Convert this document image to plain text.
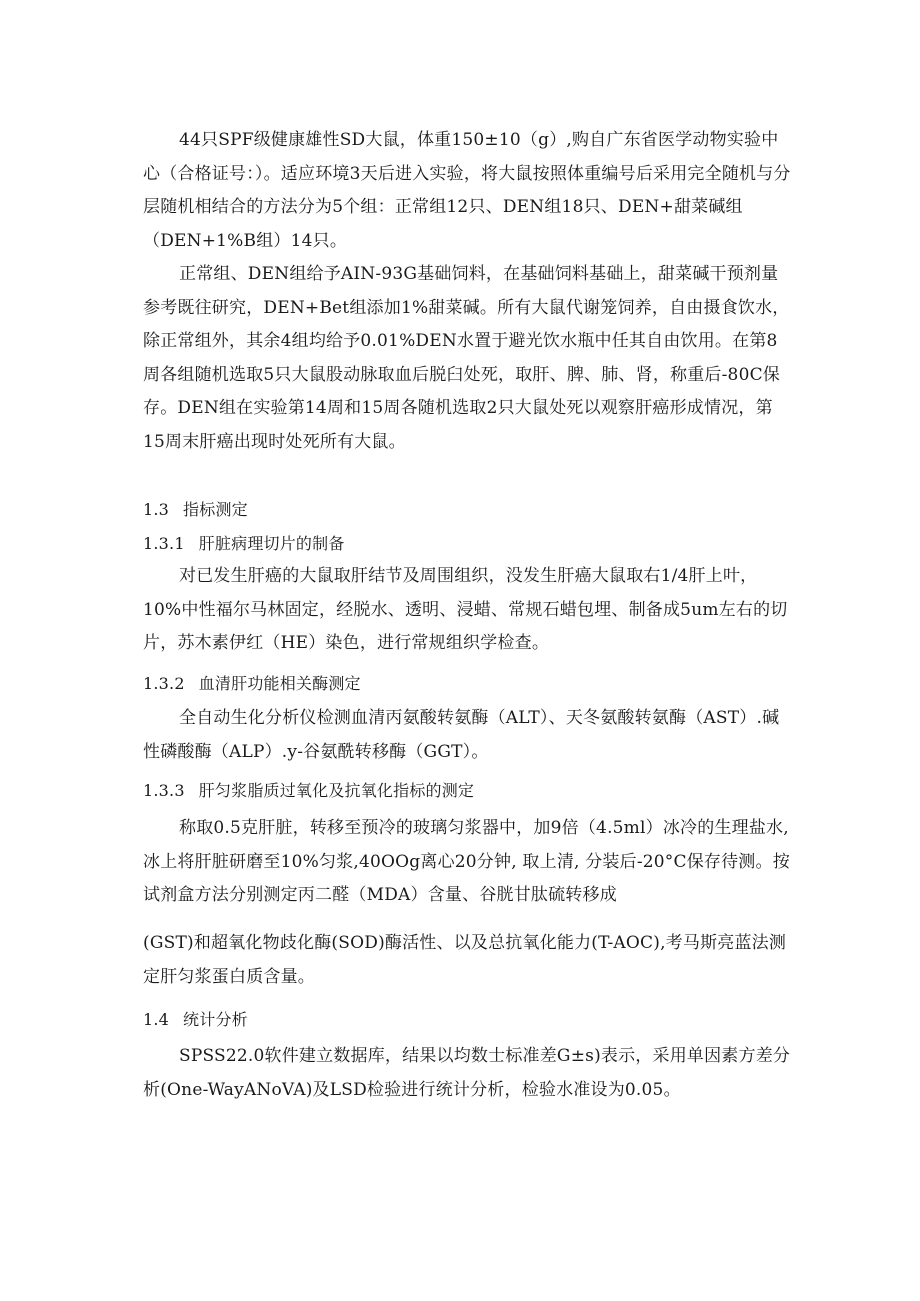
44只SPF级健康雄性SD大鼠，体重150±10（g）,购自广东省医学动物实验中心（合格证号：）。适应环境3天后进入实验，将大鼠按照体重编号后采用完全随机与分层随机相结合的方法分为5个组：正常组12只、DEN组18只、DEN+甜菜碱组（DEN+1%B组）14只。
正常组、DEN组给予AIN-93G基础饲料，在基础饲料基础上，甜菜碱干预剂量参考既往研究，DEN+Bet组添加1%甜菜碱。所有大鼠代谢笼饲养，自由摄食饮水，除正常组外，其余4组均给予0.01%DEN水置于避光饮水瓶中任其自由饮用。在第8周各组随机选取5只大鼠股动脉取血后脱臼处死，取肝、脾、肺、肾，称重后-80C保存。DEN组在实验第14周和15周各随机选取2只大鼠处死以观察肝癌形成情况，第15周末肝癌出现时处死所有大鼠。
1.3 指标测定
1.3.1 肝脏病理切片的制备
对已发生肝癌的大鼠取肝结节及周围组织，没发生肝癌大鼠取右1/4肝上叶，10%中性福尔马林固定，经脱水、透明、浸蜡、常规石蜡包埋、制备成5um左右的切片，苏木素伊红（HE）染色，进行常规组织学检查。
1.3.2 血清肝功能相关酶测定
全自动生化分析仪检测血清丙氨酸转氨酶（ALT）、天冬氨酸转氨酶（AST）.碱性磷酸酶（ALP）.y-谷氨酰转移酶（GGT）。
1.3.3 肝匀浆脂质过氧化及抗氧化指标的测定
称取0.5克肝脏，转移至预冷的玻璃匀浆器中，加9倍（4.5ml）冰冷的生理盐水, 冰上将肝脏研磨至10%匀浆,40OOg离心20分钟, 取上清, 分装后-20°C保存待测。按试剂盒方法分别测定丙二醛（MDA）含量、谷胱甘肽硫转移成
(GST)和超氧化物歧化酶(SOD)酶活性、以及总抗氧化能力(T-AOC),考马斯亮蓝法测定肝匀浆蛋白质含量。
1.4 统计分析
SPSS22.0软件建立数据库，结果以均数士标准差G±s)表示，采用单因素方差分析(One-WayANoVA)及LSD检验进行统计分析，检验水准设为0.05。
